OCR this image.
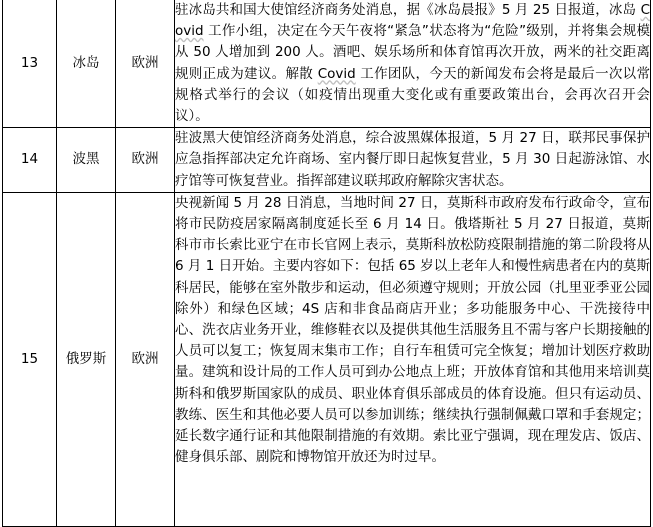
13	冰岛	欧洲	驻冰岛共和国大使馆经济商务处消息，据《冰岛晨报》5 月 25 日报道，冰岛 Covid 工作小组，决定在今天午夜将“紧急”状态将为“危险”级别，并将集会规模从 50 人增加到 200 人。酒吧、娱乐场所和体育馆再次开放，两米的社交距离规则正成为建议。解散 Covid 工作团队，今天的新闻发布会将是最后一次以常规格式举行的会议（如疫情出现重大变化或有重要政策出台，会再次召开会议）。
14	波黑	欧洲	驻波黑大使馆经济商务处消息，综合波黑媒体报道，5 月 27 日，联邦民事保护应急指挥部决定允许商场、室内餐厅即日起恢复营业，5 月 30 日起游泳馆、水疗馆等可恢复营业。指挥部建议联邦政府解除灾害状态。
15	俄罗斯	欧洲	央视新闻 5 月 28 日消息，当地时间 27 日，莫斯科市政府发布行政命令，宣布将市民防疫居家隔离制度延长至 6 月 14 日。俄塔斯社 5 月 27 日报道，莫斯科市市长索比亚宁在市长官网上表示，莫斯科放松防疫限制措施的第二阶段将从 6 月 1 日开始。主要内容如下：包括 65 岁以上老年人和慢性病患者在内的莫斯科居民，能够在室外散步和运动，但必须遵守规则；开放公园（扎里亚季亚公园除外）和绿色区域；4S 店和非食品商店开业；多功能服务中心、干洗接待中心、洗衣店业务开业，维修鞋衣以及提供其他生活服务且不需与客户长期接触的人员可以复工；恢复周末集市工作；自行车租赁可完全恢复；增加计划医疗救助量。建筑和设计局的工作人员可到办公地点上班；开放体育馆和其他用来培训莫斯科和俄罗斯国家队的成员、职业体育俱乐部成员的体育设施。但只有运动员、教练、医生和其他必要人员可以参加训练；继续执行强制佩戴口罩和手套规定；延长数字通行证和其他限制措施的有效期。索比亚宁强调，现在理发店、饭店、健身俱乐部、剧院和博物馆开放还为时过早。
